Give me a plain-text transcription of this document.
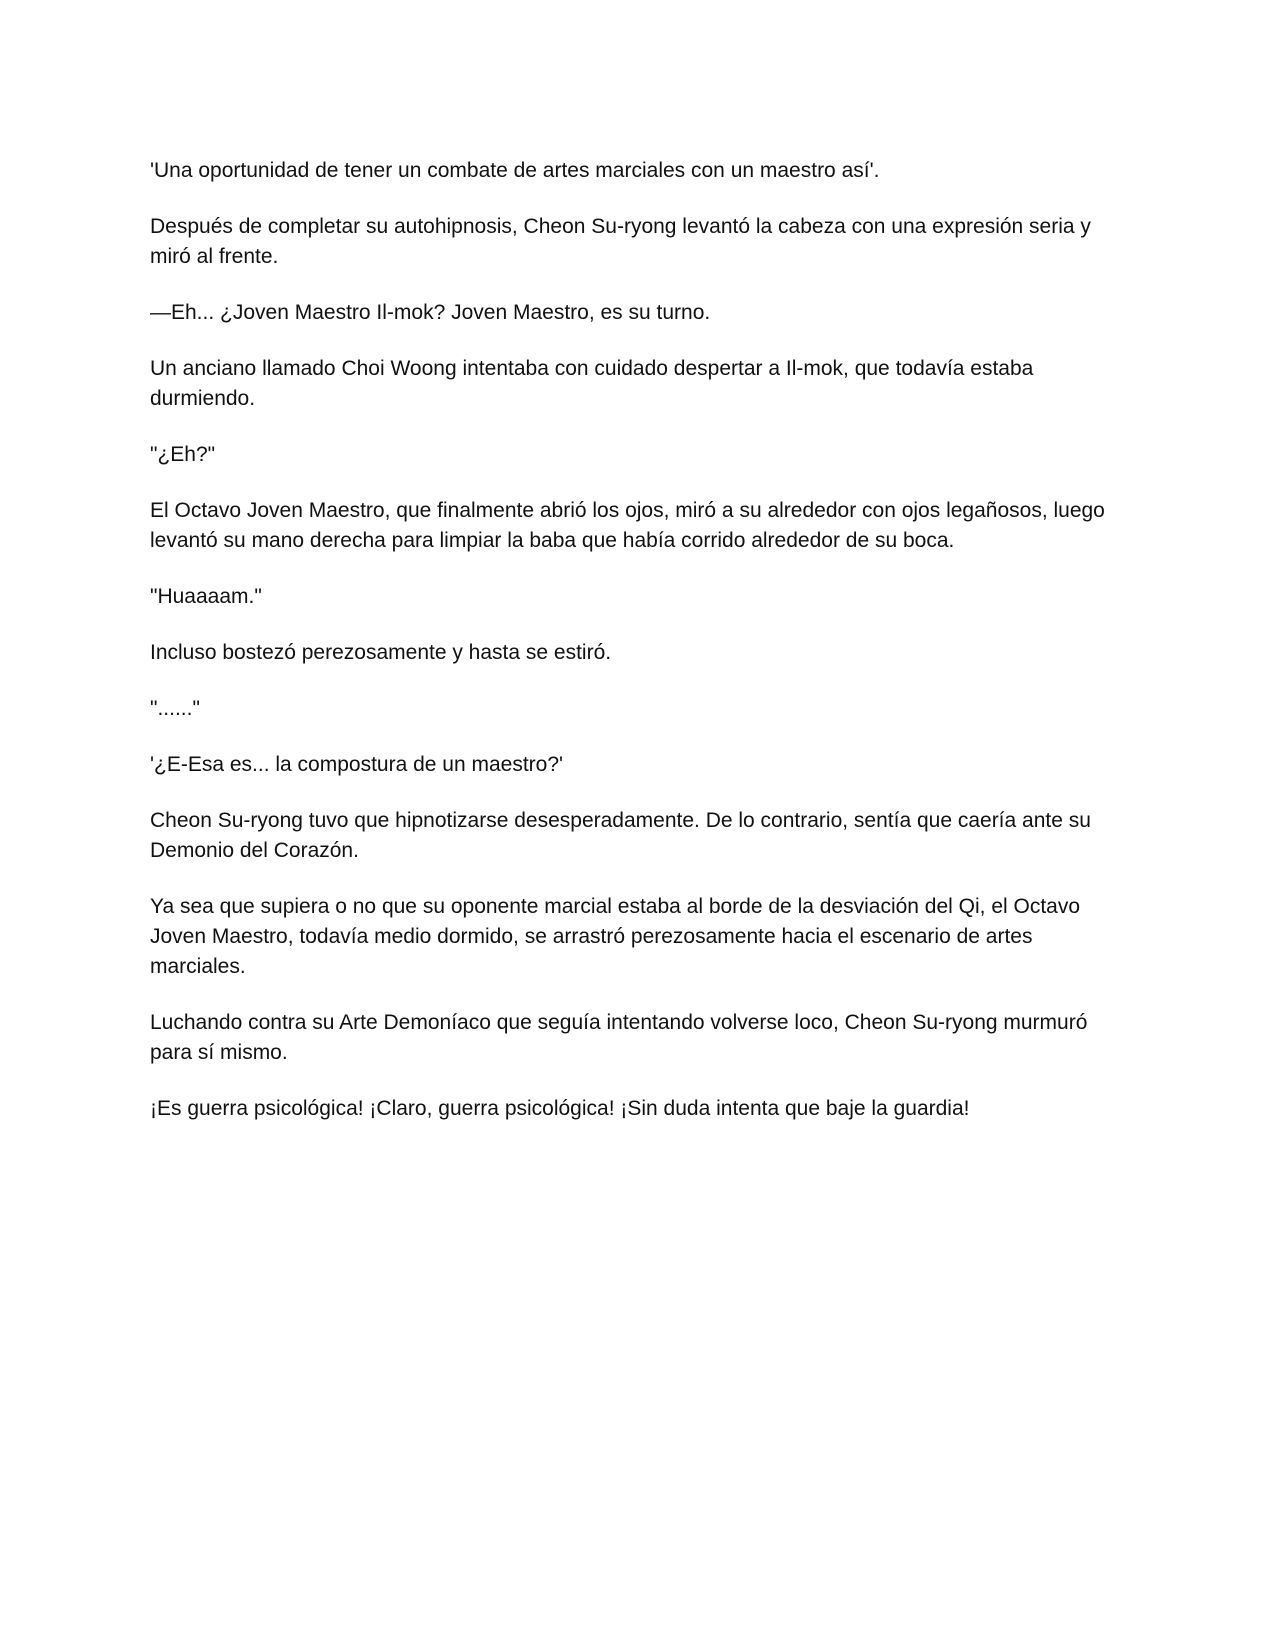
'Una oportunidad de tener un combate de artes marciales con un maestro así'.

Después de completar su autohipnosis, Cheon Su-ryong levantó la cabeza con una expresión seria y miró al frente.

—Eh... ¿Joven Maestro Il-mok? Joven Maestro, es su turno.

Un anciano llamado Choi Woong intentaba con cuidado despertar a Il-mok, que todavía estaba durmiendo.

"¿Eh?"

El Octavo Joven Maestro, que finalmente abrió los ojos, miró a su alrededor con ojos legañosos, luego levantó su mano derecha para limpiar la baba que había corrido alrededor de su boca.

"Huaaaam."

Incluso bostezó perezosamente y hasta se estiró.

"......"

'¿E-Esa es... la compostura de un maestro?'

Cheon Su-ryong tuvo que hipnotizarse desesperadamente. De lo contrario, sentía que caería ante su Demonio del Corazón.

Ya sea que supiera o no que su oponente marcial estaba al borde de la desviación del Qi, el Octavo Joven Maestro, todavía medio dormido, se arrastró perezosamente hacia el escenario de artes marciales.

Luchando contra su Arte Demoníaco que seguía intentando volverse loco, Cheon Su-ryong murmuró para sí mismo.

¡Es guerra psicológica! ¡Claro, guerra psicológica! ¡Sin duda intenta que baje la guardia!
